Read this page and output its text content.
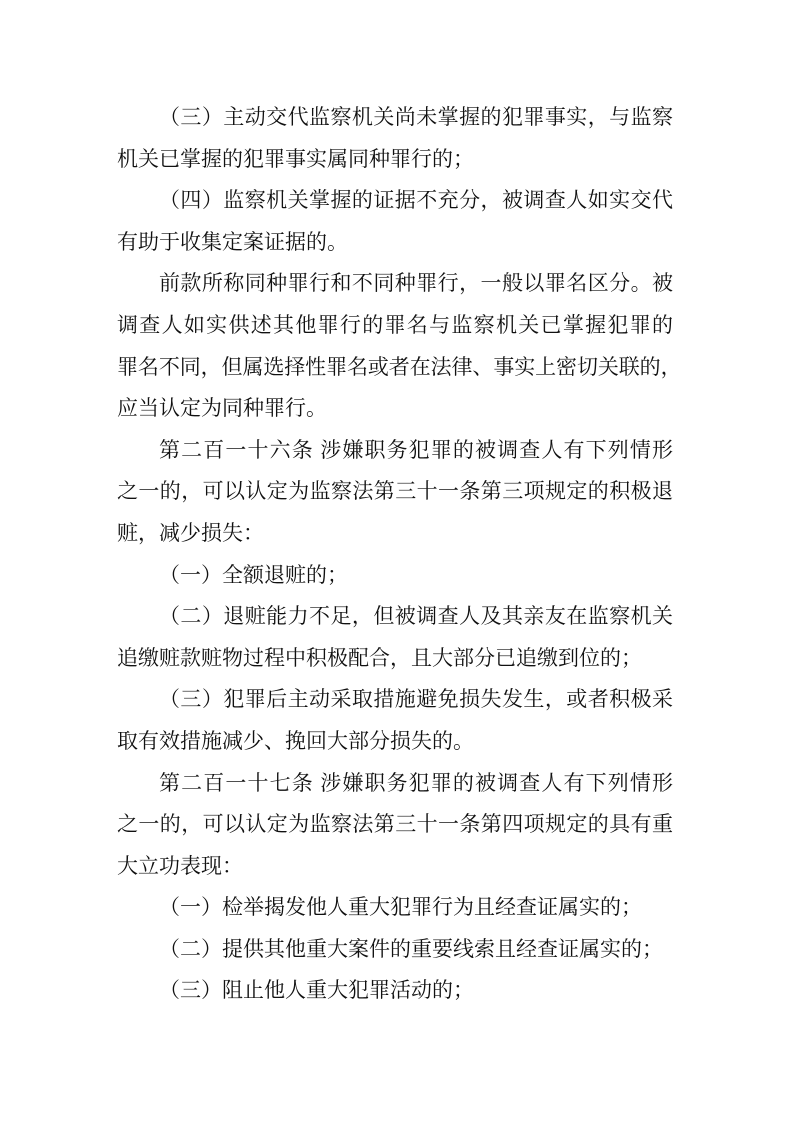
（三）主动交代监察机关尚未掌握的犯罪事实，与监察
机关已掌握的犯罪事实属同种罪行的；
（四）监察机关掌握的证据不充分，被调查人如实交代
有助于收集定案证据的。
前款所称同种罪行和不同种罪行，一般以罪名区分。被
调查人如实供述其他罪行的罪名与监察机关已掌握犯罪的
罪名不同，但属选择性罪名或者在法律、事实上密切关联的，
应当认定为同种罪行。
第二百一十六条 涉嫌职务犯罪的被调查人有下列情形
之一的，可以认定为监察法第三十一条第三项规定的积极退
赃，减少损失：
（一）全额退赃的；
（二）退赃能力不足，但被调查人及其亲友在监察机关
追缴赃款赃物过程中积极配合，且大部分已追缴到位的；
（三）犯罪后主动采取措施避免损失发生，或者积极采
取有效措施减少、挽回大部分损失的。
第二百一十七条 涉嫌职务犯罪的被调查人有下列情形
之一的，可以认定为监察法第三十一条第四项规定的具有重
大立功表现：
（一）检举揭发他人重大犯罪行为且经查证属实的；
（二）提供其他重大案件的重要线索且经查证属实的；
（三）阻止他人重大犯罪活动的；
